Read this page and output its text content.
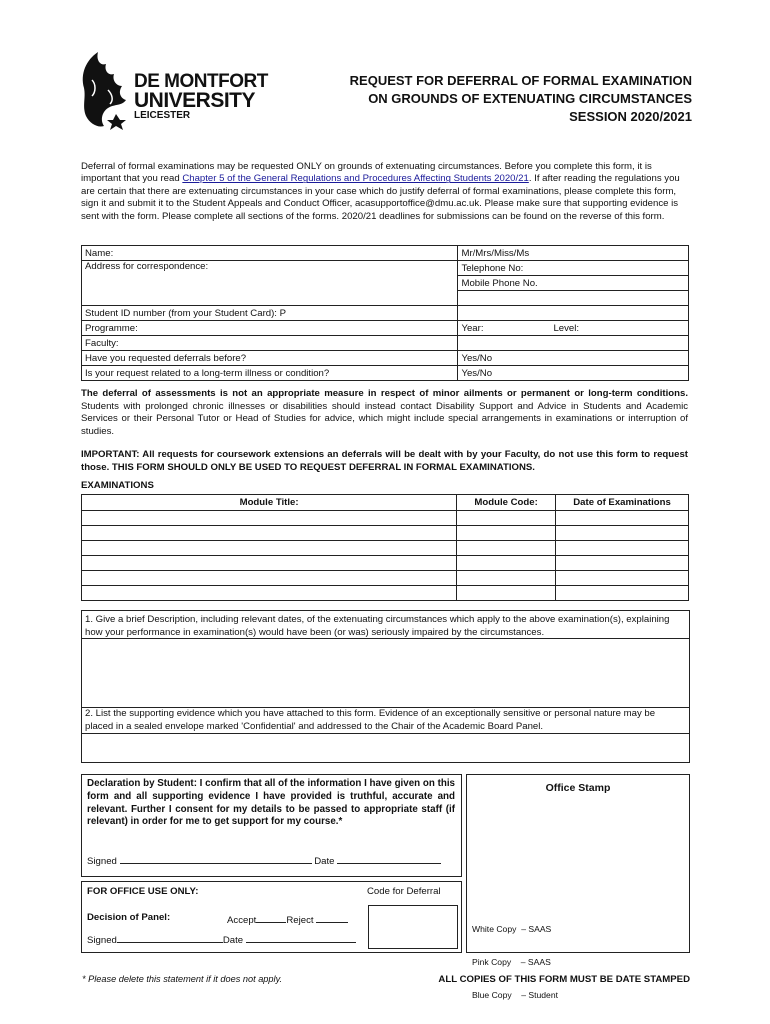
DE MONTFORT
UNIVERSITY
LEICESTER
REQUEST FOR DEFERRAL OF FORMAL EXAMINATION
ON GROUNDS OF EXTENUATING CIRCUMSTANCES
SESSION 2020/2021
Deferral of formal examinations may be requested ONLY on grounds of extenuating circumstances. Before you complete this form, it is important that you read Chapter 5 of the General Regulations and Procedures Affecting Students 2020/21. If after reading the regulations you are certain that there are extenuating circumstances in your case which do justify deferral of formal examinations, please complete this form, sign it and submit it to the Student Appeals and Conduct Officer, acasupportoffice@dmu.ac.uk. Please make sure that supporting evidence is sent with the form. Please complete all sections of the forms. 2020/21 deadlines for submissions can be found on the reverse of this form.
Name:	Mr/Mrs/Miss/Ms
Address for correspondence:	Telephone No:
	Mobile Phone No.

Student ID number (from your Student Card): P	
Programme:	Year: Level:
Faculty:	
Have you requested deferrals before?	Yes/No
Is your request related to a long-term illness or condition?	Yes/No
The deferral of assessments is not an appropriate measure in respect of minor ailments or permanent or long-term conditions. Students with prolonged chronic illnesses or disabilities should instead contact Disability Support and Advice in Students and Academic Services or their Personal Tutor or Head of Studies for advice, which might include special arrangements in examinations or interruption of studies.
IMPORTANT: All requests for coursework extensions an deferrals will be dealt with by your Faculty, do not use this form to request those. THIS FORM SHOULD ONLY BE USED TO REQUEST DEFERRAL IN FORMAL EXAMINATIONS.
EXAMINATIONS
Module Title:	Module Code:	Date of Examinations

1. Give a brief Description, including relevant dates, of the extenuating circumstances which apply to the above examination(s), explaining how your performance in examination(s) would have been (or was) seriously impaired by the circumstances.
2. List the supporting evidence which you have attached to this form. Evidence of an exceptionally sensitive or personal nature may be placed in a sealed envelope marked 'Confidential' and addressed to the Chair of the Academic Board Panel.
Declaration by Student: I confirm that all of the information I have given on this form and all supporting evidence I have provided is truthful, accurate and relevant. Further I consent for my details to be passed to appropriate staff (if relevant) in order for me to get support for my course.*
Signed	Date
Office Stamp

White Copy  – SAAS

Pink Copy    – SAAS

Blue Copy    – Student

FOR OFFICE USE ONLY:	Code for Deferral
Decision of Panel:	Accept	Reject
Signed	Date
* Please delete this statement if it does not apply.	ALL COPIES OF THIS FORM MUST BE DATE STAMPED
